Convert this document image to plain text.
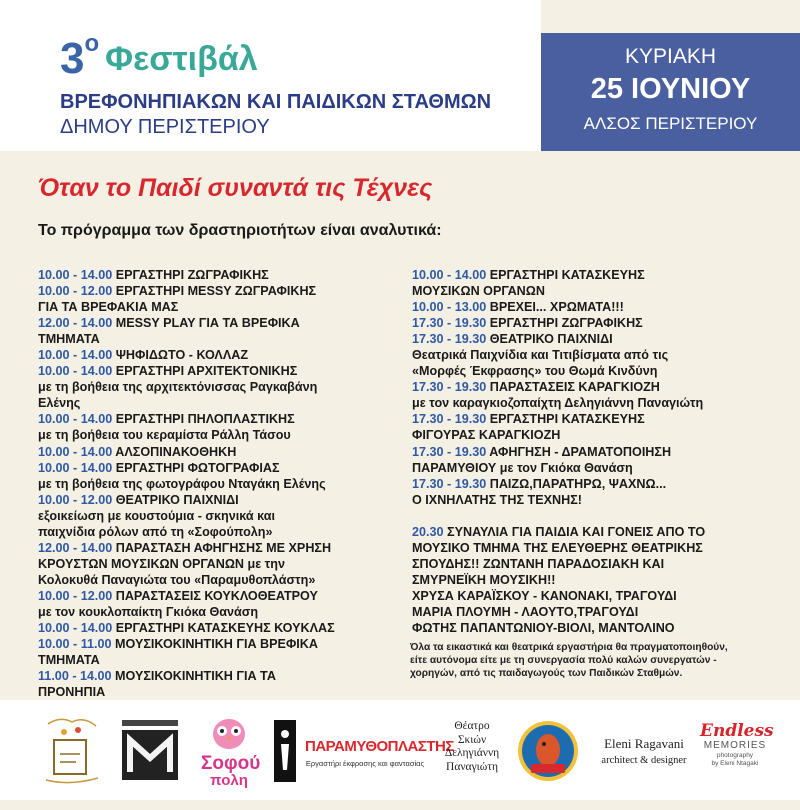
3ο Φεστιβάλ
ΒΡΕΦΟΝΗΠΙΑΚΩΝ ΚΑΙ ΠΑΙΔΙΚΩΝ ΣΤΑΘΜΩΝ
ΔΗΜΟΥ ΠΕΡΙΣΤΕΡΙΟΥ
ΚΥΡΙΑΚΗ
25 ΙΟΥΝΙΟΥ
ΑΛΣΟΣ ΠΕΡΙΣΤΕΡΙΟΥ
Όταν το Παιδί συναντά τις Τέχνες
Το πρόγραμμα των δραστηριοτήτων είναι αναλυτικά:
10.00 - 14.00 ΕΡΓΑΣΤΗΡΙ ΖΩΓΡΑΦΙΚΗΣ
10.00 - 12.00 ΕΡΓΑΣΤΗΡΙ MESSY ΖΩΓΡΑΦΙΚΗΣ
ΓΙΑ ΤΑ ΒΡΕΦΑΚΙΑ ΜΑΣ
12.00 - 14.00 MESSY PLAY ΓΙΑ ΤΑ ΒΡΕΦΙΚΑ
ΤΜΗΜΑΤΑ
10.00 - 14.00 ΨΗΦΙΔΩΤΟ - ΚΟΛΛΑΖ
10.00 - 14.00 ΕΡΓΑΣΤΗΡΙ ΑΡΧΙΤΕΚΤΟΝΙΚΗΣ
με τη βοήθεια της αρχιτεκτόνισσας Ραγκαβάνη
Ελένης
10.00 - 14.00 ΕΡΓΑΣΤΗΡΙ ΠΗΛΟΠΛΑΣΤΙΚΗΣ
με τη βοήθεια του κεραμίστα Ράλλη Τάσου
10.00 - 14.00 ΑΛΣΟΠΙΝΑΚΟΘΗΚΗ
10.00 - 14.00 ΕΡΓΑΣΤΗΡΙ ΦΩΤΟΓΡΑΦΙΑΣ
με τη βοήθεια της φωτογράφου Νταγάκη Ελένης
10.00 - 12.00 ΘΕΑΤΡΙΚΟ ΠΑΙΧΝΙΔΙ
εξοικείωση με κουστούμια - σκηνικά και
παιχνίδια ρόλων από τη «Σοφούπολη»
12.00 - 14.00 ΠΑΡΑΣΤΑΣΗ ΑΦΗΓΗΣΗΣ ΜΕ ΧΡΗΣΗ
ΚΡΟΥΣΤΩΝ ΜΟΥΣΙΚΩΝ ΟΡΓΑΝΩΝ με την
Κολοκυθά Παναγιώτα του «Παραμυθοπλάστη»
10.00 - 12.00 ΠΑΡΑΣΤΑΣΕΙΣ ΚΟΥΚΛΟΘΕΑΤΡΟΥ
με τον κουκλοπαίκτη Γκιόκα Θανάση
10.00 - 14.00 ΕΡΓΑΣΤΗΡΙ ΚΑΤΑΣΚΕΥΗΣ ΚΟΥΚΛΑΣ
10.00 - 11.00 ΜΟΥΣΙΚΟΚΙΝΗΤΙΚΗ ΓΙΑ ΒΡΕΦΙΚΑ
ΤΜΗΜΑΤΑ
11.00 - 14.00 ΜΟΥΣΙΚΟΚΙΝΗΤΙΚΗ ΓΙΑ ΤΑ
ΠΡΟΝΗΠΙΑ
10.00 - 14.00 ΕΡΓΑΣΤΗΡΙ ΚΑΤΑΣΚΕΥΗΣ
ΜΟΥΣΙΚΩΝ ΟΡΓΑΝΩΝ
10.00 - 13.00 ΒΡΕΧΕΙ... ΧΡΩΜΑΤΑ!!!
17.30 - 19.30 ΕΡΓΑΣΤΗΡΙ ΖΩΓΡΑΦΙΚΗΣ
17.30 - 19.30 ΘΕΑΤΡΙΚΟ ΠΑΙΧΝΙΔΙ
Θεατρικά Παιχνίδια και Τιτιβίσματα από τις
«Μορφές Έκφρασης» του Θωμά Κινδύνη
17.30 - 19.30 ΠΑΡΑΣΤΑΣΕΙΣ ΚΑΡΑΓΚΙΟΖΗ
με τον καραγκιοζοπαίχτη Δεληγιάννη Παναγιώτη
17.30 - 19.30 ΕΡΓΑΣΤΗΡΙ ΚΑΤΑΣΚΕΥΗΣ
ΦΙΓΟΥΡΑΣ ΚΑΡΑΓΚΙΟΖΗ
17.30 - 19.30 ΑΦΗΓΗΣΗ - ΔΡΑΜΑΤΟΠΟΙΗΣΗ
ΠΑΡΑΜΥΘΙΟΥ με τον Γκιόκα Θανάση
17.30 - 19.30 ΠΑΙΖΩ,ΠΑΡΑΤΗΡΩ, ΨΑΧΝΩ...
Ο ΙΧΝΗΛΑΤΗΣ ΤΗΣ ΤΕΧΝΗΣ!
20.30 ΣΥΝΑΥΛΙΑ ΓΙΑ ΠΑΙΔΙΑ ΚΑΙ ΓΟΝΕΙΣ ΑΠΟ ΤΟ
ΜΟΥΣΙΚΟ ΤΜΗΜΑ ΤΗΣ ΕΛΕΥΘΕΡΗΣ ΘΕΑΤΡΙΚΗΣ
ΣΠΟΥΔΗΣ!! ΖΩΝΤΑΝΗ ΠΑΡΑΔΟΣΙΑΚΗ ΚΑΙ
ΣΜΥΡΝΕΪΚΗ ΜΟΥΣΙΚΗ!!
ΧΡΥΣΑ ΚΑΡΑΪΣΚΟΥ - ΚΑΝΟΝΑΚΙ, ΤΡΑΓΟΥΔΙ
ΜΑΡΙΑ ΠΛΟΥΜΗ - ΛΑΟΥΤΟ,ΤΡΑΓΟΥΔΙ
ΦΩΤΗΣ ΠΑΠΑΝΤΩΝΙΟΥ-ΒΙΟΛΙ, ΜΑΝΤΟΛΙΝΟ
Όλα τα εικαστικά και θεατρικά εργαστήρια θα πραγματοποιηθούν,
είτε αυτόνομα είτε με τη συνεργασία πολύ καλών συνεργατών -
χορηγών, από τις παιδαγωγούς των Παιδικών Σταθμών.
Σοφού
πολη
ΠΑΡΑΜΥΘΟΠΛΑΣΤΗΣ
Εργαστήρι έκφρασης και φαντασίας
Θέατρο
Σκιών
Δεληγιάννη
Παναγιώτη
Eleni Ragavani
architect & designer
Endless
MEMORIES
photography
by Eleni Ntagaki
